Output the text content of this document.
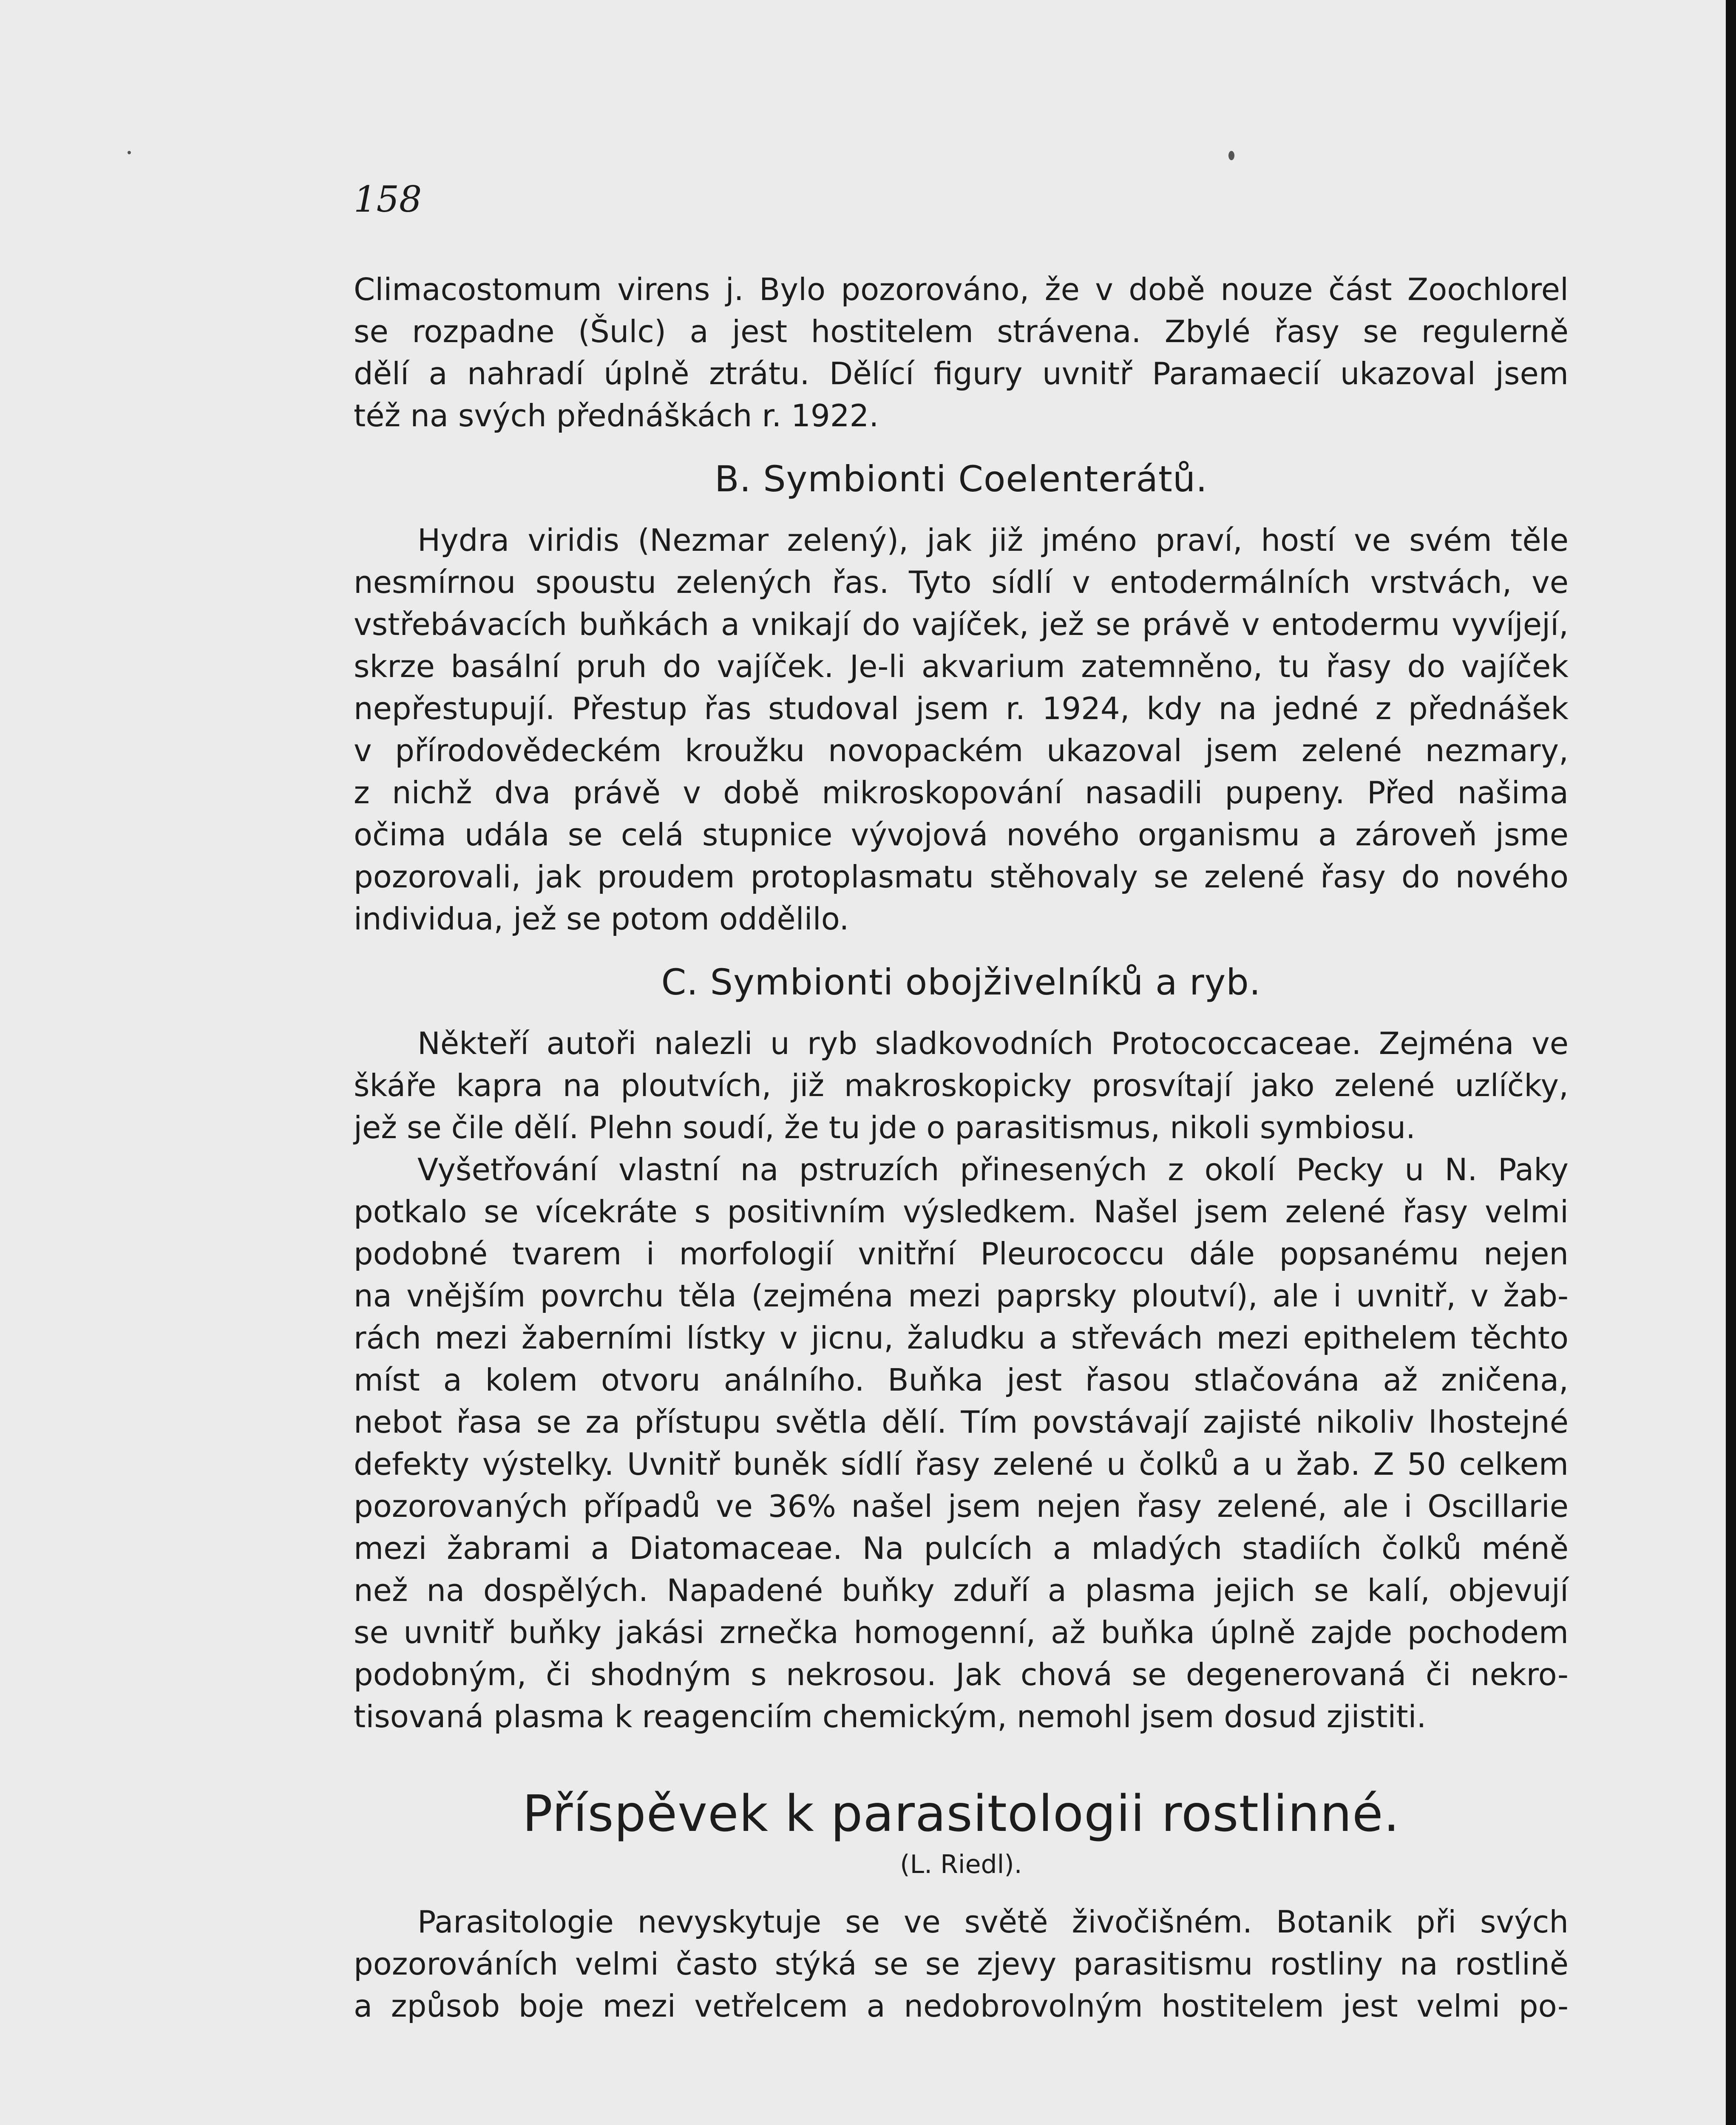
158

Climacostomum virens j. Bylo pozorováno, že v době nouze část Zoochlorel
se rozpadne (Šulc) a jest hostitelem strávena. Zbylé řasy se regulerně
dělí a nahradí úplně ztrátu. Dělící figury uvnitř Paramaecií ukazoval jsem
též na svých přednáškách r. 1922.

B. Symbionti Coelenterátů.

Hydra viridis (Nezmar zelený), jak již jméno praví, hostí ve svém těle
nesmírnou spoustu zelených řas. Tyto sídlí v entodermálních vrstvách, ve
vstřebávacích buňkách a vnikají do vajíček, jež se právě v entodermu vyvíjejí,
skrze basální pruh do vajíček. Je-li akvarium zatemněno, tu řasy do vajíček
nepřestupují. Přestup řas studoval jsem r. 1924, kdy na jedné z přednášek
v přírodovědeckém kroužku novopackém ukazoval jsem zelené nezmary,
z nichž dva právě v době mikroskopování nasadili pupeny. Před našima
očima udála se celá stupnice vývojová nového organismu a zároveň jsme
pozorovali, jak proudem protoplasmatu stěhovaly se zelené řasy do nového
individua, jež se potom oddělilo.

C. Symbionti obojživelníků a ryb.

Někteří autoři nalezli u ryb sladkovodních Protococcaceae. Zejména ve
škáře kapra na ploutvích, již makroskopicky prosvítají jako zelené uzlíčky,
jež se čile dělí. Plehn soudí, že tu jde o parasitismus, nikoli symbiosu.

Vyšetřování vlastní na pstruzích přinesených z okolí Pecky u N. Paky
potkalo se vícekráte s positivním výsledkem. Našel jsem zelené řasy velmi
podobné tvarem i morfologií vnitřní Pleurococcu dále popsanému nejen
na vnějším povrchu těla (zejména mezi paprsky ploutví), ale i uvnitř, v žab-
rách mezi žaberními lístky v jicnu, žaludku a střevách mezi epithelem těchto
míst a kolem otvoru análního. Buňka jest řasou stlačována až zničena,
nebot řasa se za přístupu světla dělí. Tím povstávají zajisté nikoliv lhostejné
defekty výstelky. Uvnitř buněk sídlí řasy zelené u čolků a u žab. Z 50 celkem
pozorovaných případů ve 36% našel jsem nejen řasy zelené, ale i Oscillarie
mezi žabrami a Diatomaceae. Na pulcích a mladých stadiích čolků méně
než na dospělých. Napadené buňky zduří a plasma jejich se kalí, objevují
se uvnitř buňky jakási zrnečka homogenní, až buňka úplně zajde pochodem
podobným, či shodným s nekrosou. Jak chová se degenerovaná či nekro-
tisovaná plasma k reagenciím chemickým, nemohl jsem dosud zjistiti.

Příspěvek k parasitologii rostlinné.
(L. Riedl).

Parasitologie nevyskytuje se ve světě živočišném. Botanik při svých
pozorováních velmi často stýká se se zjevy parasitismu rostliny na rostlině
a způsob boje mezi vetřelcem a nedobrovolným hostitelem jest velmi po-
